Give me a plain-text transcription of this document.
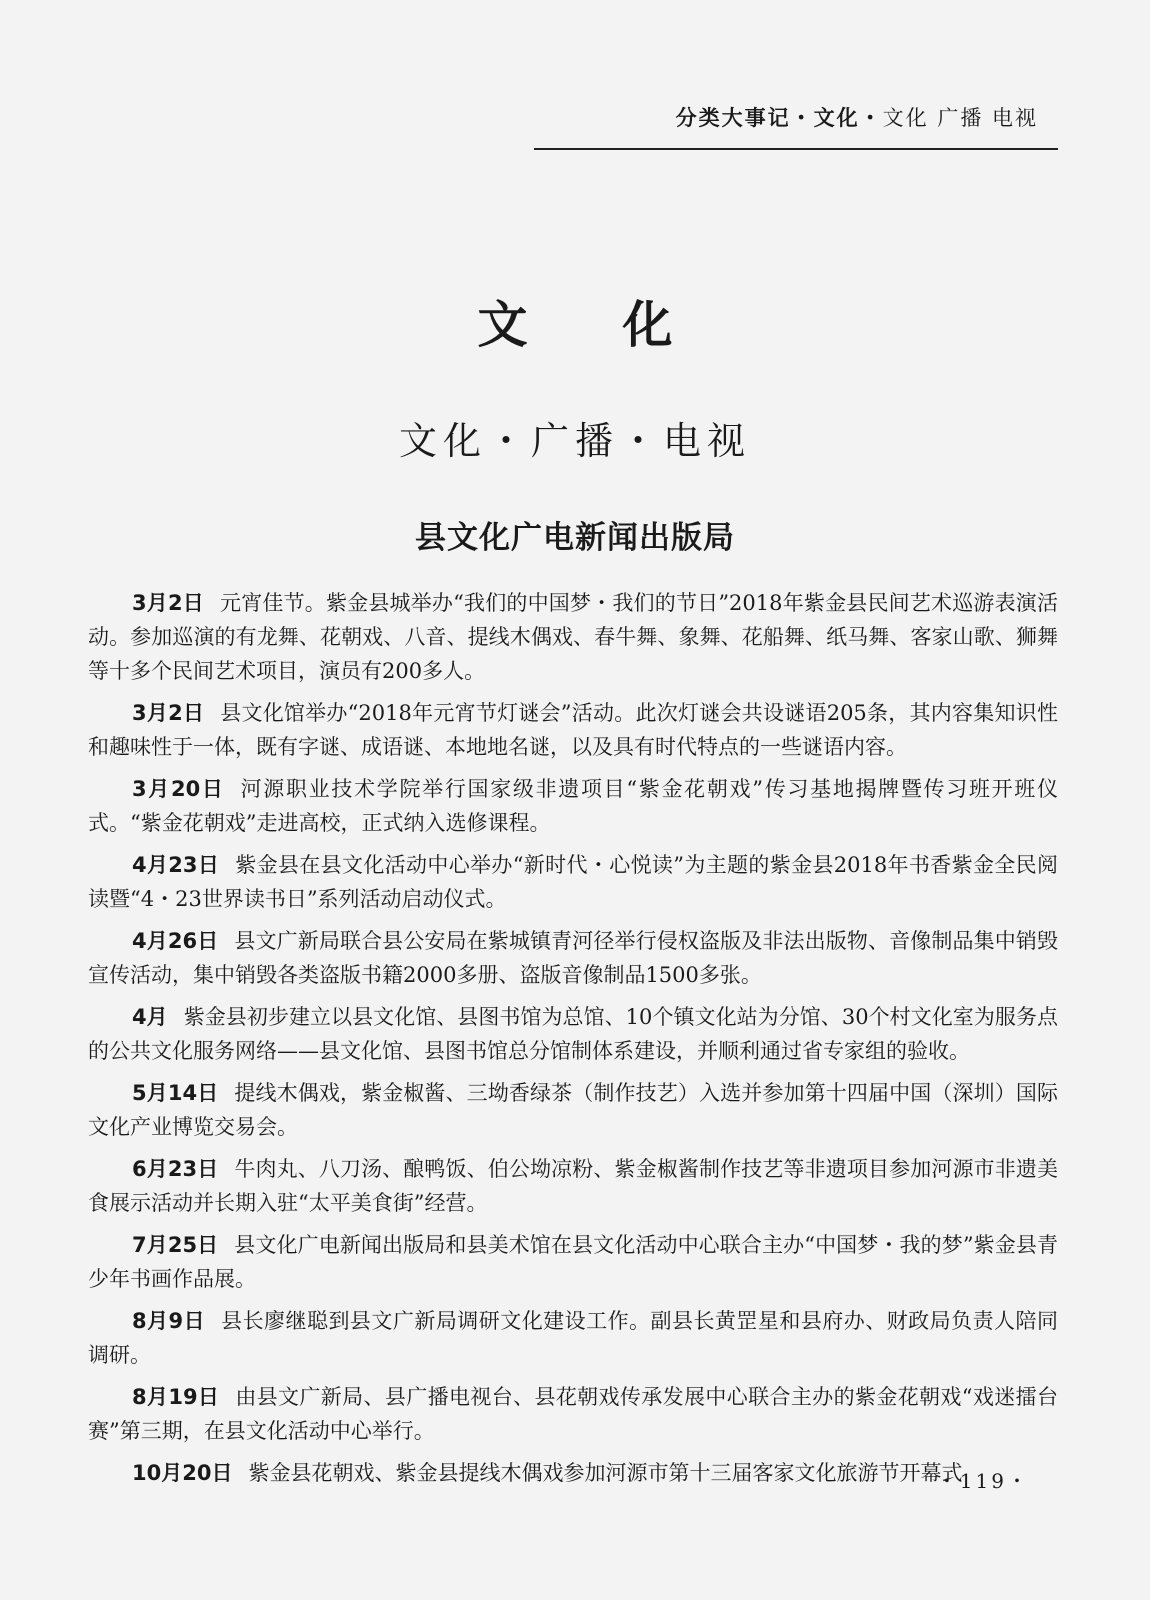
分类大事记・文化・文化 广播 电视
文化
文化・广播・电视
县文化广电新闻出版局

3月2日 元宵佳节。紫金县城举办“我们的中国梦・我们的节日”2018年紫金县民间艺术巡游表演活动。参加巡演的有龙舞、花朝戏、八音、提线木偶戏、春牛舞、象舞、花船舞、纸马舞、客家山歌、狮舞等十多个民间艺术项目，演员有200多人。

3月2日 县文化馆举办“2018年元宵节灯谜会”活动。此次灯谜会共设谜语205条，其内容集知识性和趣味性于一体，既有字谜、成语谜、本地地名谜，以及具有时代特点的一些谜语内容。

3月20日 河源职业技术学院举行国家级非遗项目“紫金花朝戏”传习基地揭牌暨传习班开班仪式。“紫金花朝戏”走进高校，正式纳入选修课程。

4月23日 紫金县在县文化活动中心举办“新时代・心悦读”为主题的紫金县2018年书香紫金全民阅读暨“4・23世界读书日”系列活动启动仪式。

4月26日 县文广新局联合县公安局在紫城镇青河径举行侵权盗版及非法出版物、音像制品集中销毁宣传活动，集中销毁各类盗版书籍2000多册、盗版音像制品1500多张。

4月 紫金县初步建立以县文化馆、县图书馆为总馆、10个镇文化站为分馆、30个村文化室为服务点的公共文化服务网络——县文化馆、县图书馆总分馆制体系建设，并顺利通过省专家组的验收。

5月14日 提线木偶戏，紫金椒酱、三坳香绿茶（制作技艺）入选并参加第十四届中国（深圳）国际文化产业博览交易会。

6月23日 牛肉丸、八刀汤、酿鸭饭、伯公坳凉粉、紫金椒酱制作技艺等非遗项目参加河源市非遗美食展示活动并长期入驻“太平美食街”经营。

7月25日 县文化广电新闻出版局和县美术馆在县文化活动中心联合主办“中国梦・我的梦”紫金县青少年书画作品展。

8月9日 县长廖继聪到县文广新局调研文化建设工作。副县长黄罡星和县府办、财政局负责人陪同调研。

8月19日 由县文广新局、县广播电视台、县花朝戏传承发展中心联合主办的紫金花朝戏“戏迷擂台赛”第三期，在县文化活动中心举行。

10月20日 紫金县花朝戏、紫金县提线木偶戏参加河源市第十三届客家文化旅游节开幕式

・119・
